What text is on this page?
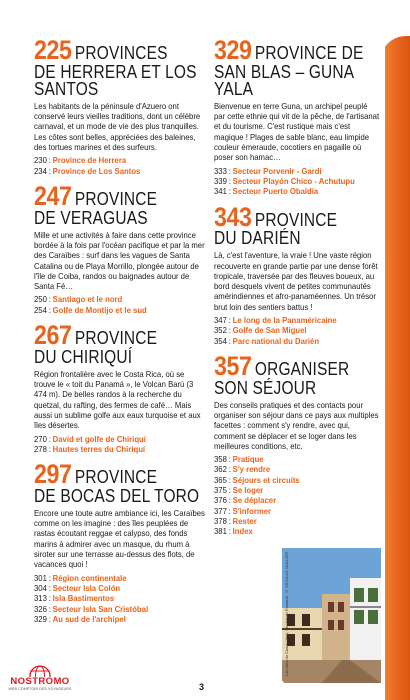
225 PROVINCES
DE HERRERA ET LOS SANTOS

Les habitants de la péninsule d'Azuero ont conservé leurs vieilles traditions, dont un célèbre carnaval, et un mode de vie des plus tranquilles. Les côtes sont belles, appréciées des baleines, des tortues marines et des surfeurs.

230 : Province de Herrera
234 : Province de Los Santos
247 PROVINCE
DE VERAGUAS

Mille et une activités à faire dans cette province bordée à la fois par l'océan pacifique et par la mer des Caraïbes : surf dans les vagues de Santa Catalina ou de Playa Morrillo, plongée autour de l'île de Coiba, randos ou baignades autour de Santa Fé…

250 : Santiago et le nord
254 : Golfe de Montijo et le sud
267 PROVINCE
DU CHIRIQUÍ

Région frontalière avec le Costa Rica, où se trouve le « toit du Panamá », le Volcan Barú (3 474 m). De belles randos à la recherche du quetzal, du rafting, des fermes de café… Mais aussi un sublime golfe aux eaux turquoise et aux îles désertes.

270 : David et golfe de Chiriquí
278 : Hautes terres du Chiriquí
297 PROVINCE
DE BOCAS DEL TORO

Encore une toute autre ambiance ici, les Caraïbes comme on les imagine : des îles peuplées de rastas écoutant reggae et calypso, des fonds marins à admirer avec un masque, du rhum à siroter sur une terrasse au-dessus des flots, de vacances quoi !

301 : Région continentale
304 : Secteur Isla Colón
313 : Isla Bastimentos
326 : Secteur Isla San Cristóbal
329 : Au sud de l'archipel
329 PROVINCE DE
SAN BLAS – GUNA YALA

Bienvenue en terre Guna, un archipel peuplé par cette ethnie qui vit de la pêche, de l'artisanat et du tourisme. C'est rustique mais c'est magique ! Plages de sable blanc, eau limpide couleur émeraude, cocotiers en pagaille où poser son hamac…

333 : Secteur Porvenir - Gardi
339 : Secteur Playón Chico - Achutupu
341 : Secteur Puerto Obaldía
343 PROVINCE
DU DARIÉN

Là, c'est l'aventure, la vraie ! Une vaste région recouverte en grande partie par une dense forêt tropicale, traversée par des fleuves boueux, au bord desquels vivent de petites communautés amérindiennes et afro-panaméennes. Un trésor brut loin des sentiers battus !

347 : Le long de la Panaméricaine
352 : Golfe de San Miguel
354 : Parc national du Darién
357 ORGANISER
SON SÉJOUR

Des conseils pratiques et des contacts pour organiser son séjour dans ce pays aux multiples facettes : comment s'y rendre, avec qui, comment se déplacer et se loger dans les meilleures conditions, etc.

358 : Pratique
362 : S'y rendre
365 : Séjours et circuits
375 : Se loger
376 : Se déplacer
377 : S'informer
378 : Rester
381 : Index
Les rues du Casco Viejo, Ciudad de Panamá. © NICOLAS VAILLIER
3
NOSTROMO
WEB COMPTOIR DES VOYAGEURS
